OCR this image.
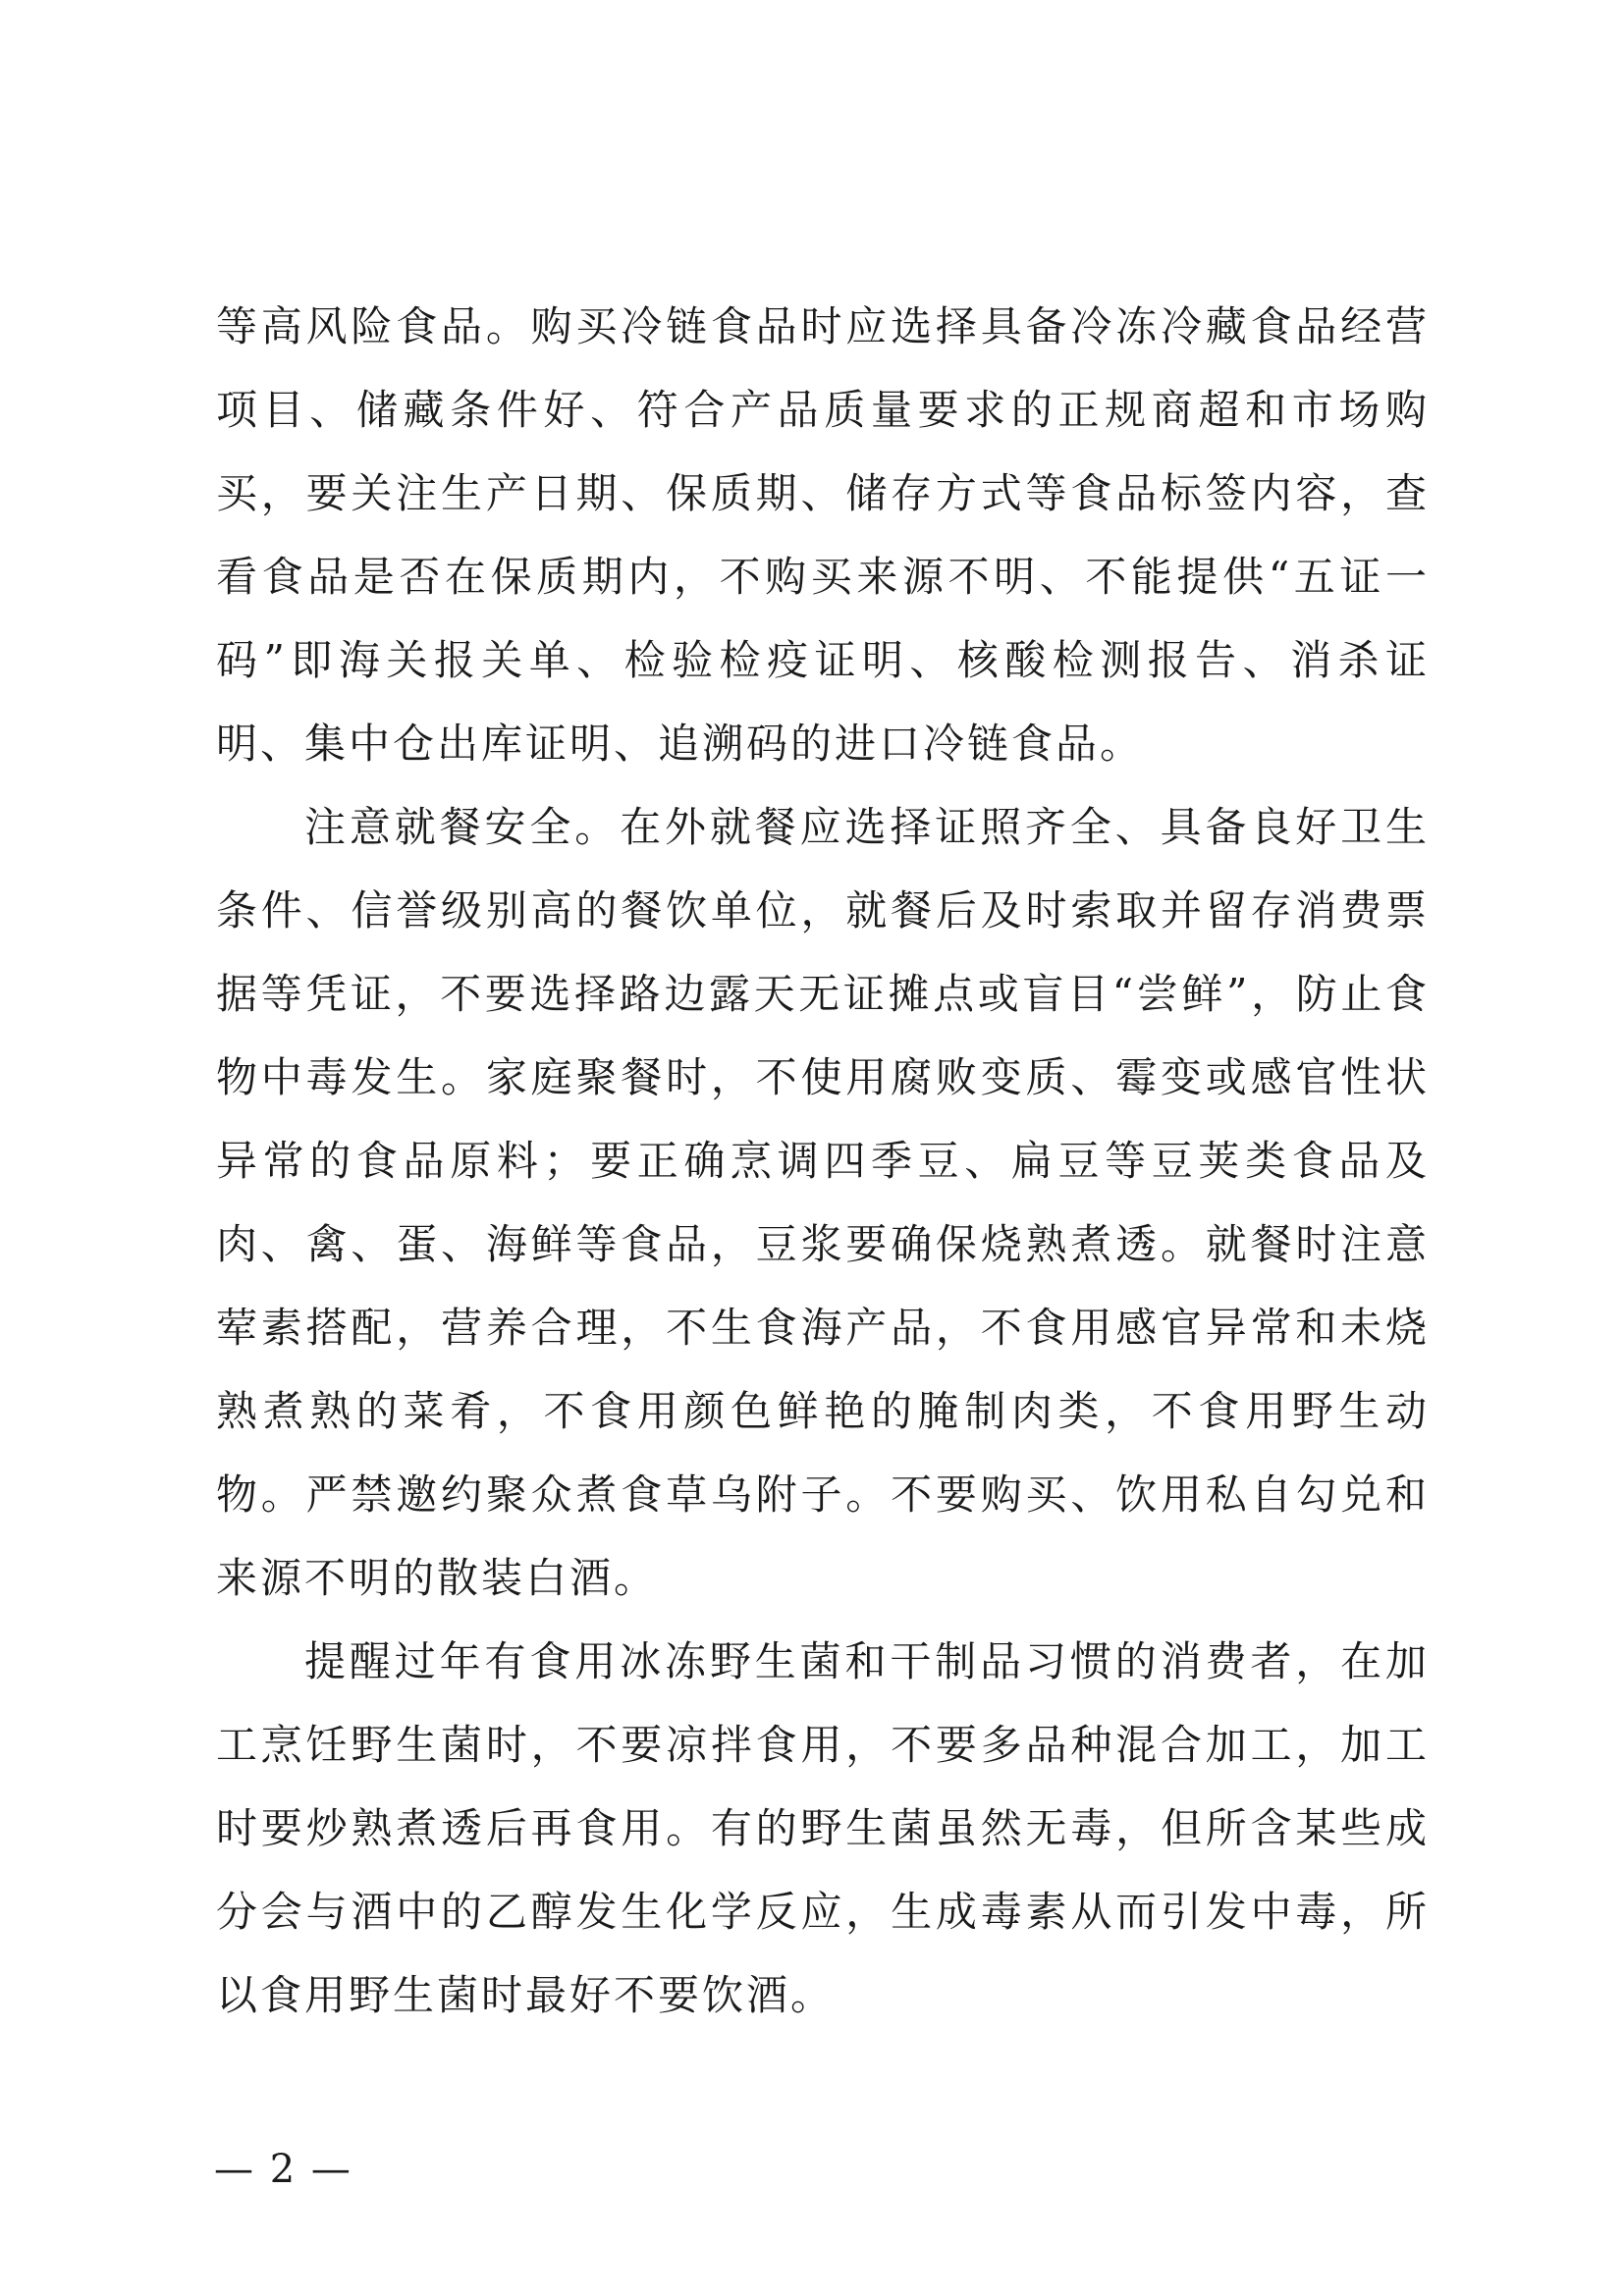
等高风险食品。购买冷链食品时应选择具备冷冻冷藏食品经营项目、储藏条件好、符合产品质量要求的正规商超和市场购买，要关注生产日期、保质期、储存方式等食品标签内容，查看食品是否在保质期内，不购买来源不明、不能提供“五证一码”即海关报关单、检验检疫证明、核酸检测报告、消杀证明、集中仓出库证明、追溯码的进口冷链食品。

注意就餐安全。在外就餐应选择证照齐全、具备良好卫生条件、信誉级别高的餐饮单位，就餐后及时索取并留存消费票据等凭证，不要选择路边露天无证摊点或盲目“尝鲜”，防止食物中毒发生。家庭聚餐时，不使用腐败变质、霉变或感官性状异常的食品原料；要正确烹调四季豆、扁豆等豆荚类食品及肉、禽、蛋、海鲜等食品，豆浆要确保烧熟煮透。就餐时注意荤素搭配，营养合理，不生食海产品，不食用感官异常和未烧熟煮熟的菜肴，不食用颜色鲜艳的腌制肉类，不食用野生动物。严禁邀约聚众煮食草乌附子。不要购买、饮用私自勾兑和来源不明的散装白酒。

提醒过年有食用冰冻野生菌和干制品习惯的消费者，在加工烹饪野生菌时，不要凉拌食用，不要多品种混合加工，加工时要炒熟煮透后再食用。有的野生菌虽然无毒，但所含某些成分会与酒中的乙醇发生化学反应，生成毒素从而引发中毒，所以食用野生菌时最好不要饮酒。

— 2 —
